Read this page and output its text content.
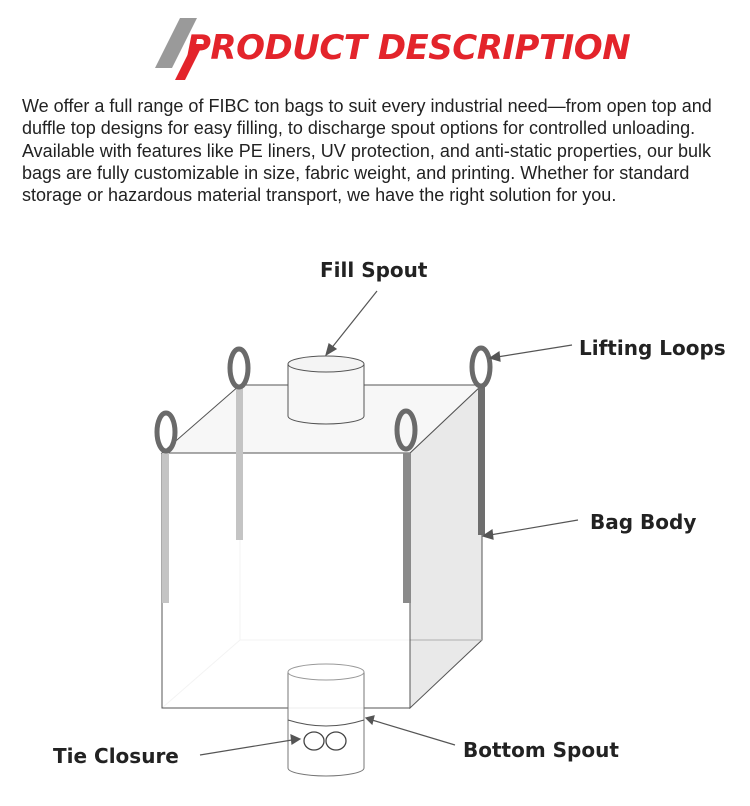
PRODUCT DESCRIPTION
We offer a full range of FIBC ton bags to suit every industrial need—from open top and duffle top designs for easy filling, to discharge spout options for controlled unloading. Available with features like PE liners, UV protection, and anti-static properties, our bulk bags are fully customizable in size, fabric weight, and printing. Whether for standard storage or hazardous material transport, we have the right solution for you.
Fill Spout
Lifting Loops
Bag Body
Tie Closure	Bottom Spout
